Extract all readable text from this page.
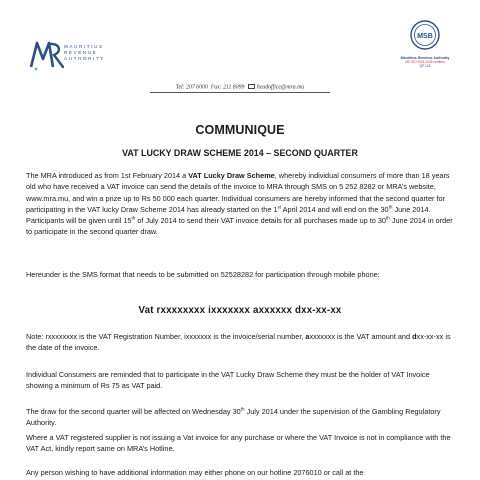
MAURITIUS
REVENUE
AUTHORITY
MSB
Mauritius Revenue Authority
MS ISO 9001:2008 certified
QP 123
Tel: 207 6000 Fax: 211 8099 headoffice@mra.mu
COMMUNIQUE
VAT LUCKY DRAW SCHEME 2014 – SECOND QUARTER
The MRA introduced as from 1st February 2014 a VAT Lucky Draw Scheme, whereby individual consumers of more than 18 years old who have received a VAT invoice can send the details of the invoice to MRA through SMS on 5 252 8282 or MRA’s website, www.mra.mu, and win a prize up to Rs 50 000 each quarter. Individual consumers are hereby informed that the second quarter for participating in the VAT lucky Draw Scheme 2014 has already started on the 1st April 2014 and will end on the 30th June 2014. Participants will be given until 15th of July 2014 to send their VAT invoice details for all purchases made up to 30th June 2014 in order to participate in the second quarter draw.
Hereunder is the SMS format that needs to be submitted on 52528282 for participation through mobile phone:
Vat rxxxxxxxx ixxxxxxx axxxxxx dxx-xx-xx
Note: rxxxxxxxx is the VAT Registration Number, ixxxxxxx is the invoice/serial number, axxxxxxx is the VAT amount and dxx-xx-xx is the date of the invoice.
Individual Consumers are reminded that to participate in the VAT Lucky Draw Scheme they must be the holder of VAT Invoice showing a minimum of Rs 75 as VAT paid.
The draw for the second quarter will be affected on Wednesday 30th July 2014 under the supervision of the Gambling Regulatory Authority.
Where a VAT registered supplier is not issuing a Vat invoice for any purchase or where the VAT Invoice is not in compliance with the VAT Act, kindly report same on MRA’s Hotline.
Any person wishing to have additional information may either phone on our hotline 2076010 or call at the
